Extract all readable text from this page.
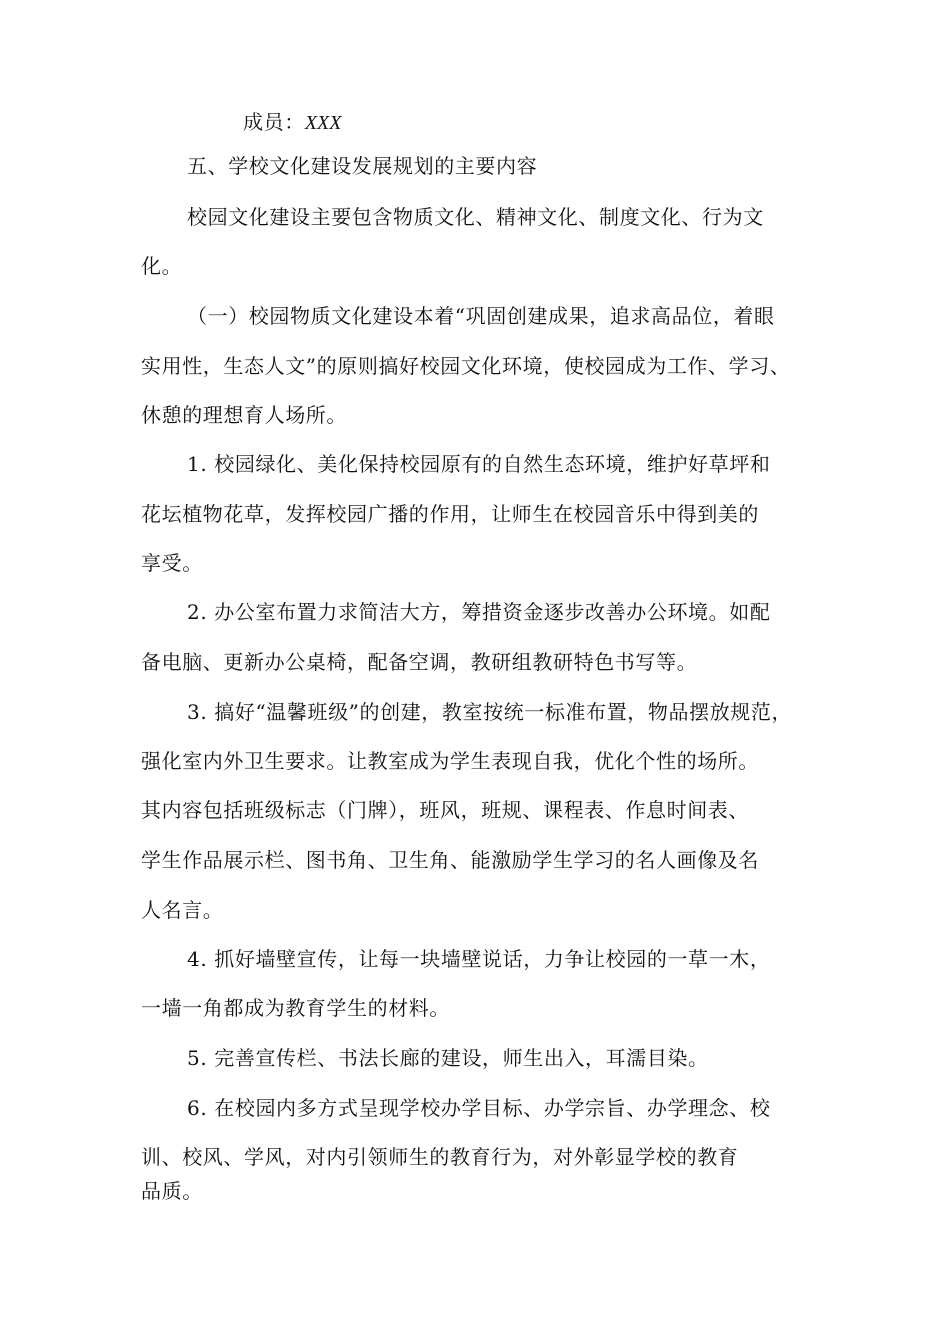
成员：XXX
五、学校文化建设发展规划的主要内容
校园文化建设主要包含物质文化、精神文化、制度文化、行为文
化。
（一）校园物质文化建设本着“巩固创建成果，追求高品位，着眼
实用性，生态人文”的原则搞好校园文化环境，使校园成为工作、学习、
休憩的理想育人场所。
1. 校园绿化、美化保持校园原有的自然生态环境，维护好草坪和
花坛植物花草，发挥校园广播的作用，让师生在校园音乐中得到美的
享受。
2. 办公室布置力求简洁大方，筹措资金逐步改善办公环境。如配
备电脑、更新办公桌椅，配备空调，教研组教研特色书写等。
3. 搞好“温馨班级”的创建，教室按统一标准布置，物品摆放规范，
强化室内外卫生要求。让教室成为学生表现自我，优化个性的场所。
其内容包括班级标志（门牌），班风，班规、课程表、作息时间表、
学生作品展示栏、图书角、卫生角、能激励学生学习的名人画像及名
人名言。
4. 抓好墙壁宣传，让每一块墙壁说话，力争让校园的一草一木，
一墙一角都成为教育学生的材料。
5. 完善宣传栏、书法长廊的建设，师生出入，耳濡目染。
6. 在校园内多方式呈现学校办学目标、办学宗旨、办学理念、校
训、校风、学风，对内引领师生的教育行为，对外彰显学校的教育
品质。
